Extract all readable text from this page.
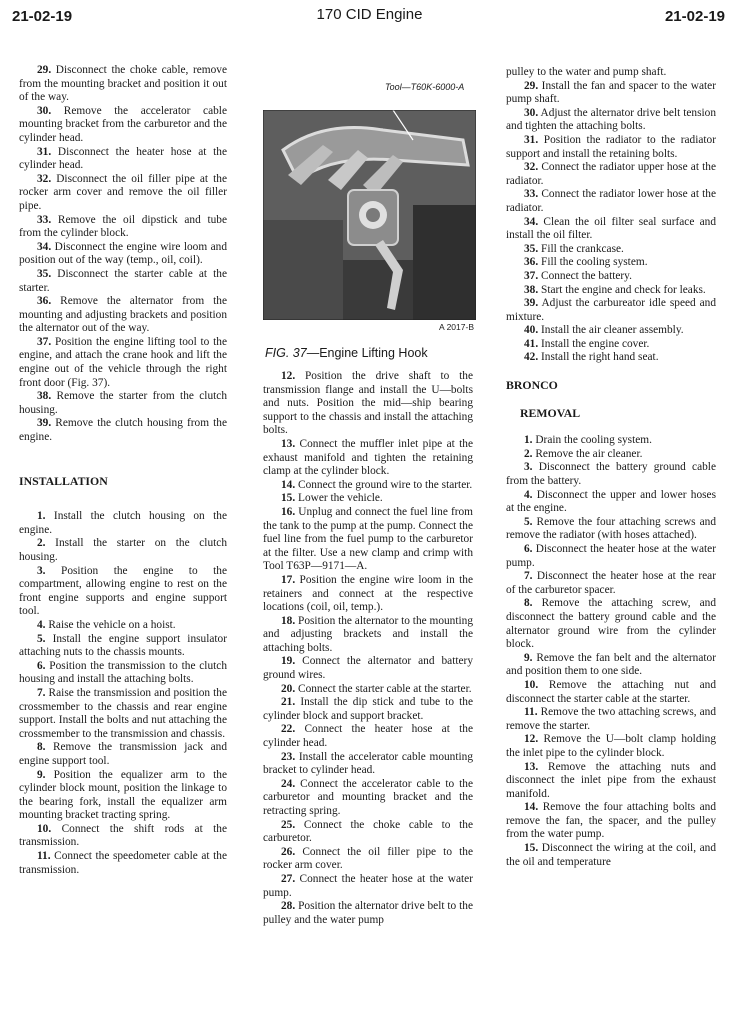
21-02-19	170 CID Engine	21-02-19

29. Disconnect the choke cable, remove from the mounting bracket and position it out of the way.

30. Remove the accelerator cable mounting bracket from the carburetor and the cylinder head.

31. Disconnect the heater hose at the cylinder head.

32. Disconnect the oil filler pipe at the rocker arm cover and remove the oil filler pipe.

33. Remove the oil dipstick and tube from the cylinder block.

34. Disconnect the engine wire loom and position out of the way (temp., oil, coil).

35. Disconnect the starter cable at the starter.

36. Remove the alternator from the mounting and adjusting brackets and position the alternator out of the way.

37. Position the engine lifting tool to the engine, and attach the crane hook and lift the engine out of the vehicle through the right front door (Fig. 37).

38. Remove the starter from the clutch housing.

39. Remove the clutch housing from the engine.

INSTALLATION

1. Install the clutch housing on the engine.

2. Install the starter on the clutch housing.

3. Position the engine to the compartment, allowing engine to rest on the front engine supports and engine support tool.

4. Raise the vehicle on a hoist.

5. Install the engine support insulator attaching nuts to the chassis mounts.

6. Position the transmission to the clutch housing and install the attaching bolts.

7. Raise the transmission and position the crossmember to the chassis and rear engine support. Install the bolts and nut attaching the crossmember to the transmission and chassis.

8. Remove the transmission jack and engine support tool.

9. Position the equalizer arm to the cylinder block mount, position the linkage to the bearing fork, install the equalizer arm mounting bracket tracting spring.

10. Connect the shift rods at the transmission.

11. Connect the speedometer cable at the transmission.

Tool—T60K-6000-A
A 2017-B
FIG. 37—Engine Lifting Hook

12. Position the drive shaft to the transmission flange and install the U—bolts and nuts. Position the mid—ship bearing support to the chassis and install the attaching bolts.

13. Connect the muffler inlet pipe at the exhaust manifold and tighten the retaining clamp at the cylinder block.

14. Connect the ground wire to the starter.

15. Lower the vehicle.

16. Unplug and connect the fuel line from the tank to the pump at the pump. Connect the fuel line from the fuel pump to the carburetor at the filter. Use a new clamp and crimp with Tool T63P—9171—A.

17. Position the engine wire loom in the retainers and connect at the respective locations (coil, oil, temp.).

18. Position the alternator to the mounting and adjusting brackets and install the attaching bolts.

19. Connect the alternator and battery ground wires.

20. Connect the starter cable at the starter.

21. Install the dip stick and tube to the cylinder block and support bracket.

22. Connect the heater hose at the cylinder head.

23. Install the accelerator cable mounting bracket to cylinder head.

24. Connect the accelerator cable to the carburetor and mounting bracket and the retracting spring.

25. Connect the choke cable to the carburetor.

26. Connect the oil filler pipe to the rocker arm cover.

27. Connect the heater hose at the water pump.

28. Position the alternator drive belt to the pulley and the water pump

pulley to the water and pump shaft.

29. Install the fan and spacer to the water pump shaft.

30. Adjust the alternator drive belt tension and tighten the attaching bolts.

31. Position the radiator to the radiator support and install the retaining bolts.

32. Connect the radiator upper hose at the radiator.

33. Connect the radiator lower hose at the radiator.

34. Clean the oil filter seal surface and install the oil filter.

35. Fill the crankcase.

36. Fill the cooling system.

37. Connect the battery.

38. Start the engine and check for leaks.

39. Adjust the carbureator idle speed and mixture.

40. Install the air cleaner assembly.

41. Install the engine cover.

42. Install the right hand seat.

BRONCO

REMOVAL

1. Drain the cooling system.

2. Remove the air cleaner.

3. Disconnect the battery ground cable from the battery.

4. Disconnect the upper and lower hoses at the engine.

5. Remove the four attaching screws and remove the radiator (with hoses attached).

6. Disconnect the heater hose at the water pump.

7. Disconnect the heater hose at the rear of the carburetor spacer.

8. Remove the attaching screw, and disconnect the battery ground cable and the alternator ground wire from the cylinder block.

9. Remove the fan belt and the alternator and position them to one side.

10. Remove the attaching nut and disconnect the starter cable at the starter.

11. Remove the two attaching screws, and remove the starter.

12. Remove the U—bolt clamp holding the inlet pipe to the cylinder block.

13. Remove the attaching nuts and disconnect the inlet pipe from the exhaust manifold.

14. Remove the four attaching bolts and remove the fan, the spacer, and the pulley from the water pump.

15. Disconnect the wiring at the coil, and the oil and temperature
